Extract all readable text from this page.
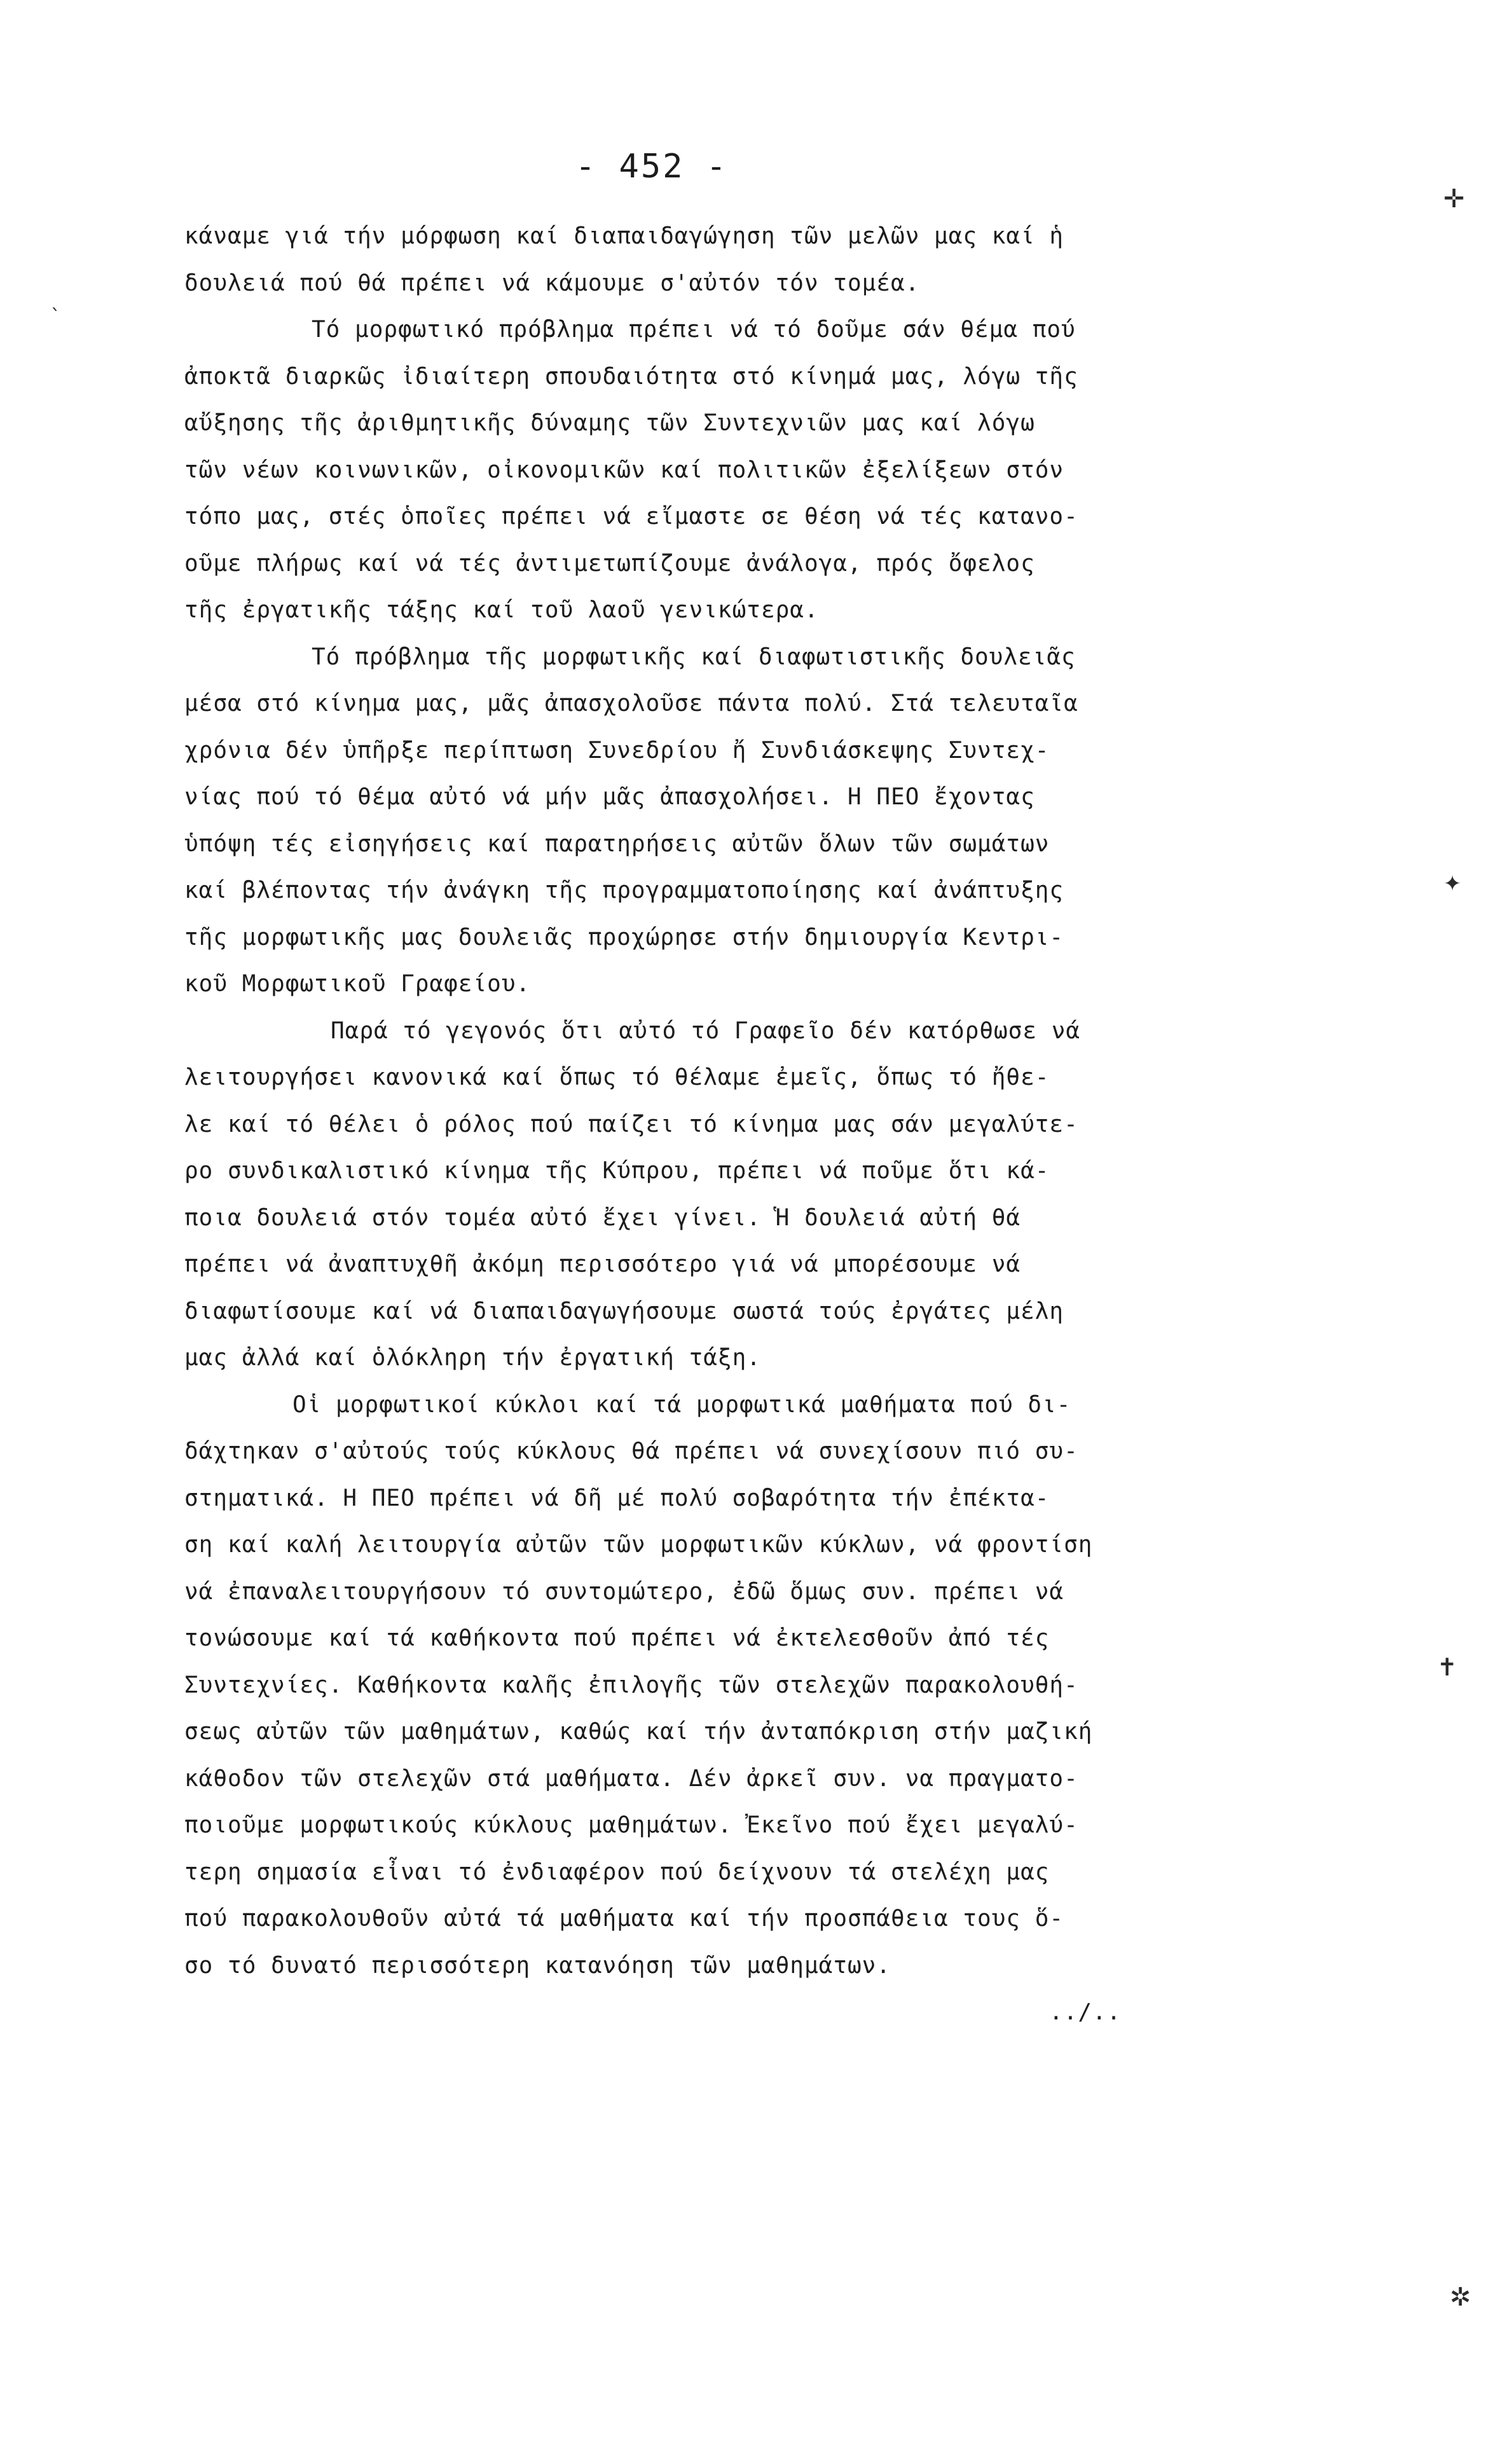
- 452 -
κάναμε γιά τήν μόρφωση καί διαπαιδαγώγηση τῶν μελῶν μας καί ἡ
δουλειά πού θά πρέπει νά κάμουμε σ'αὐτόν τόν τομέα.
Τό μορφωτικό πρόβλημα πρέπει νά τό δοῦμε σάν θέμα πού
ἀποκτᾶ διαρκῶς ἰδιαίτερη σπουδαιότητα στό κίνημά μας, λόγω τῆς
αὔξησης τῆς ἀριθμητικῆς δύναμης τῶν Συντεχνιῶν μας καί λόγω
τῶν νέων κοινωνικῶν, οἰκονομικῶν καί πολιτικῶν ἐξελίξεων στόν
τόπο μας, στές ὁποῖες πρέπει νά εἴμαστε σε θέση νά τές κατανο-
οῦμε πλήρως καί νά τές ἀντιμετωπίζουμε ἀνάλογα, πρός ὄφελος
τῆς ἐργατικῆς τάξης καί τοῦ λαοῦ γενικώτερα.
Τό πρόβλημα τῆς μορφωτικῆς καί διαφωτιστικῆς δουλειᾶς
μέσα στό κίνημα μας, μᾶς ἀπασχολοῦσε πάντα πολύ. Στά τελευταῖα
χρόνια δέν ὑπῆρξε περίπτωση Συνεδρίου ἤ Συνδιάσκεψης Συντεχ-
νίας πού τό θέμα αὐτό νά μήν μᾶς ἀπασχολήσει. Η ΠΕΟ ἔχοντας
ὑπόψη τές εἰσηγήσεις καί παρατηρήσεις αὐτῶν ὅλων τῶν σωμάτων
καί βλέποντας τήν ἀνάγκη τῆς προγραμματοποίησης καί ἀνάπτυξης
τῆς μορφωτικῆς μας δουλειᾶς προχώρησε στήν δημιουργία Κεντρι-
κοῦ Μορφωτικοῦ Γραφείου.
Παρά τό γεγονός ὅτι αὐτό τό Γραφεῖο δέν κατόρθωσε νά
λειτουργήσει κανονικά καί ὅπως τό θέλαμε ἐμεῖς, ὅπως τό ἤθε-
λε καί τό θέλει ὁ ρόλος πού παίζει τό κίνημα μας σάν μεγαλύτε-
ρο συνδικαλιστικό κίνημα τῆς Κύπρου, πρέπει νά ποῦμε ὅτι κά-
ποια δουλειά στόν τομέα αὐτό ἔχει γίνει. Ἡ δουλειά αὐτή θά
πρέπει νά ἀναπτυχθῆ ἀκόμη περισσότερο γιά νά μπορέσουμε νά
διαφωτίσουμε καί νά διαπαιδαγωγήσουμε σωστά τούς ἐργάτες μέλη
μας ἀλλά καί ὁλόκληρη τήν ἐργατική τάξη.
Οἱ μορφωτικοί κύκλοι καί τά μορφωτικά μαθήματα πού δι-
δάχτηκαν σ'αὐτούς τούς κύκλους θά πρέπει νά συνεχίσουν πιό συ-
στηματικά. Η ΠΕΟ πρέπει νά δῆ μέ πολύ σοβαρότητα τήν ἐπέκτα-
ση καί καλή λειτουργία αὐτῶν τῶν μορφωτικῶν κύκλων, νά φροντίση
νά ἐπαναλειτουργήσουν τό συντομώτερο, ἐδῶ ὅμως συν. πρέπει νά
τονώσουμε καί τά καθήκοντα πού πρέπει νά ἐκτελεσθοῦν ἀπό τές
Συντεχνίες. Καθήκοντα καλῆς ἐπιλογῆς τῶν στελεχῶν παρακολουθή-
σεως αὐτῶν τῶν μαθημάτων, καθώς καί τήν ἀνταπόκριση στήν μαζική
κάθοδον τῶν στελεχῶν στά μαθήματα. Δέν ἀρκεῖ συν. να πραγματο-
ποιοῦμε μορφωτικούς κύκλους μαθημάτων. Ἐκεῖνο πού ἔχει μεγαλύ-
τερη σημασία εἶναι τό ἐνδιαφέρον πού δείχνουν τά στελέχη μας
πού παρακολουθοῦν αὐτά τά μαθήματα καί τήν προσπάθεια τους ὅ-
σο τό δυνατό περισσότερη κατανόηση τῶν μαθημάτων.
../..
✛
ˎ
✦
✝
✲
